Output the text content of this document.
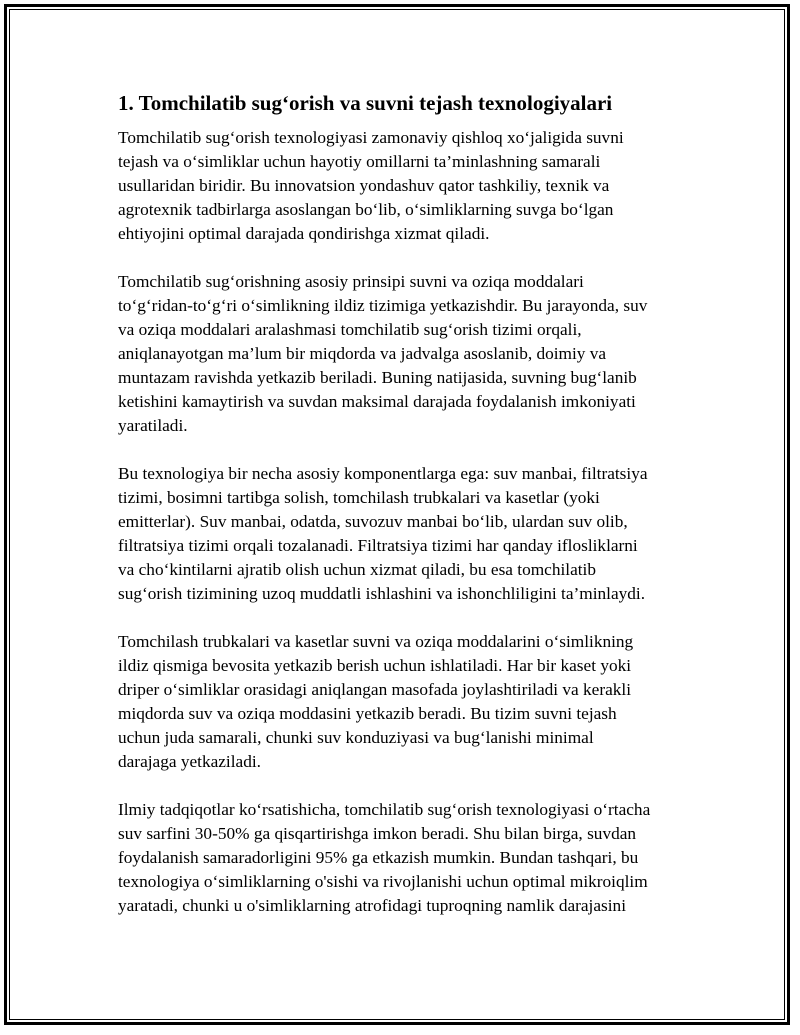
1. Tomchilatib sug‘orish va suvni tejash texnologiyalari

Tomchilatib sug‘orish texnologiyasi zamonaviy qishloq xo‘jaligida suvni
tejash va o‘simliklar uchun hayotiy omillarni ta’minlashning samarali
usullaridan biridir. Bu innovatsion yondashuv qator tashkiliy, texnik va
agrotexnik tadbirlarga asoslangan bo‘lib, o‘simliklarning suvga bo‘lgan
ehtiyojini optimal darajada qondirishga xizmat qiladi.

Tomchilatib sug‘orishning asosiy prinsipi suvni va oziqa moddalari
to‘g‘ridan-to‘g‘ri o‘simlikning ildiz tizimiga yetkazishdir. Bu jarayonda, suv
va oziqa moddalari aralashmasi tomchilatib sug‘orish tizimi orqali,
aniqlanayotgan ma’lum bir miqdorda va jadvalga asoslanib, doimiy va
muntazam ravishda yetkazib beriladi. Buning natijasida, suvning bug‘lanib
ketishini kamaytirish va suvdan maksimal darajada foydalanish imkoniyati
yaratiladi.

Bu texnologiya bir necha asosiy komponentlarga ega: suv manbai, filtratsiya
tizimi, bosimni tartibga solish, tomchilash trubkalari va kasetlar (yoki
emitterlar). Suv manbai, odatda, suvozuv manbai bo‘lib, ulardan suv olib,
filtratsiya tizimi orqali tozalanadi. Filtratsiya tizimi har qanday ifloslikl​arni
va cho‘kintilarni ajratib olish uchun xizmat qiladi, bu esa tomchilatib
sug‘orish tizimining uzoq muddatli ishlashini va ishonchliligini ta’minlaydi.

Tomchilash trubkalari va kasetlar suvni va oziqa moddalarini o‘simlikning
ildiz qismiga bevosita yetkazib berish uchun ishlatiladi. Har bir kaset yoki
driper o‘simliklar orasidagi aniqlangan masofada joylashtiriladi va kerakli
miqdorda suv va oziqa moddasini yetkazib beradi. Bu tizim suvni tejash
uchun juda samarali, chunki suv konduziyasi va bug‘lanishi minimal
darajaga yetkaziladi.

Ilmiy tadqiqotlar ko‘rsatishicha, tomchilatib sug‘orish texnologiyasi o‘rtacha
suv sarfini 30-50% ga qisqartirishga imkon beradi. Shu bilan birga, suvdan
foydalanish samaradorligini 95% ga etkazish mumkin. Bundan tashqari, bu
texnologiya o‘simliklarning o'sishi va rivojlanishi uchun optimal mikroiqlim
yaratadi, chunki u o'simliklarning atrofidagi tuproqning namlik darajasini
